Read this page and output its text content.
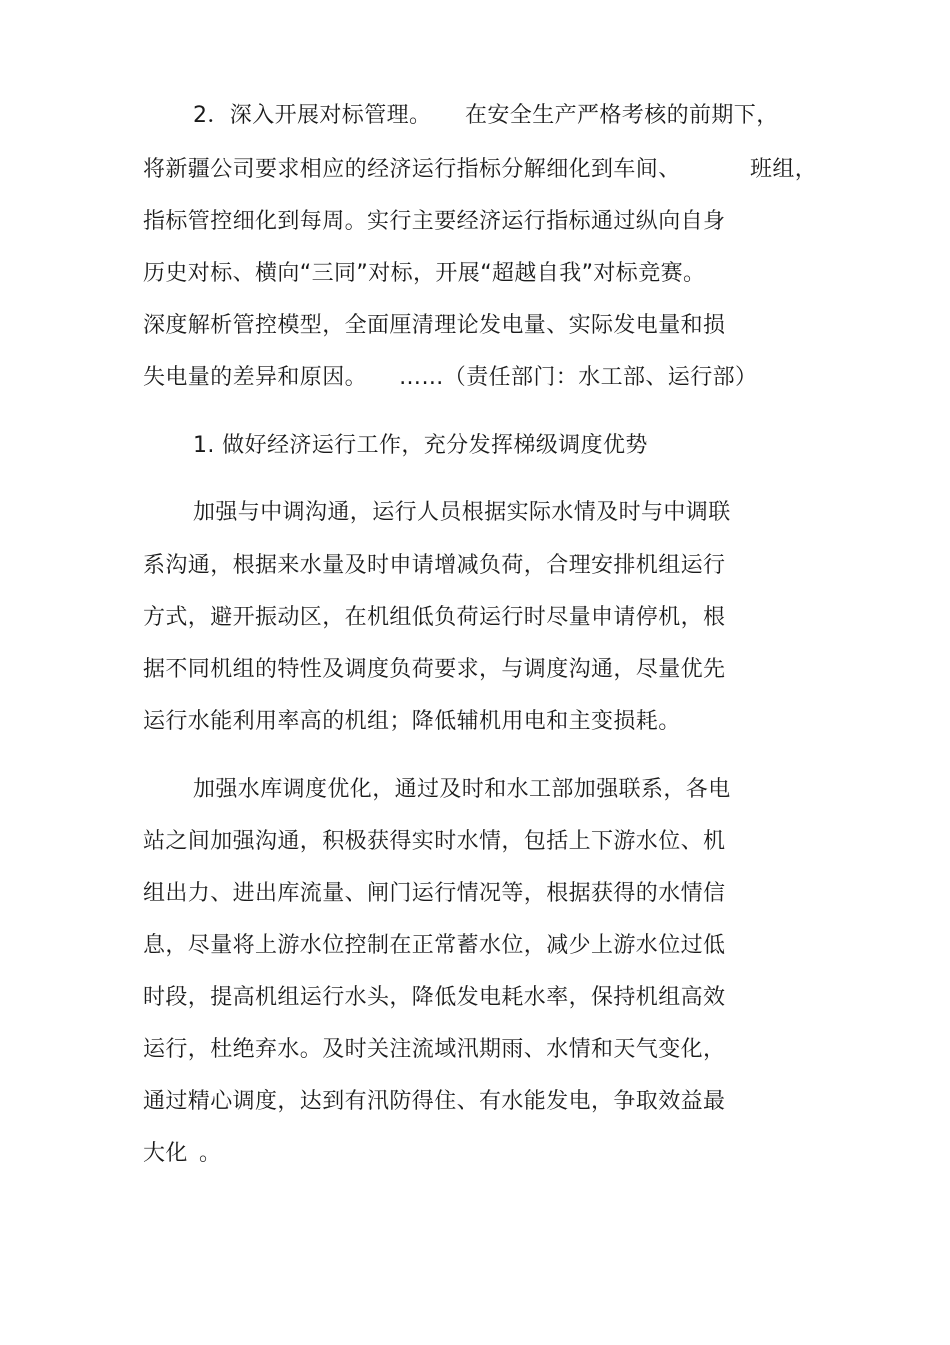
2．深入开展对标管理。 在安全生产严格考核的前期下，
将新疆公司要求相应的经济运行指标分解细化到车间、	班组，
指标管控细化到每周。实行主要经济运行指标通过纵向自身
历史对标、横向“三同”对标，开展“超越自我”对标竞赛。
深度解析管控模型，全面厘清理论发电量、实际发电量和损
失电量的差异和原因。 ……（责任部门：水工部、运行部）
1. 做好经济运行工作，充分发挥梯级调度优势
加强与中调沟通，运行人员根据实际水情及时与中调联
系沟通，根据来水量及时申请增减负荷，合理安排机组运行
方式，避开振动区，在机组低负荷运行时尽量申请停机，根
据不同机组的特性及调度负荷要求，与调度沟通，尽量优先
运行水能利用率高的机组；降低辅机用电和主变损耗。
加强水库调度优化，通过及时和水工部加强联系，各电
站之间加强沟通，积极获得实时水情，包括上下游水位、机
组出力、进出库流量、闸门运行情况等，根据获得的水情信
息，尽量将上游水位控制在正常蓄水位，减少上游水位过低
时段，提高机组运行水头，降低发电耗水率，保持机组高效
运行，杜绝弃水。及时关注流域汛期雨、水情和天气变化，
通过精心调度，达到有汛防得住、有水能发电，争取效益最
大化 。
